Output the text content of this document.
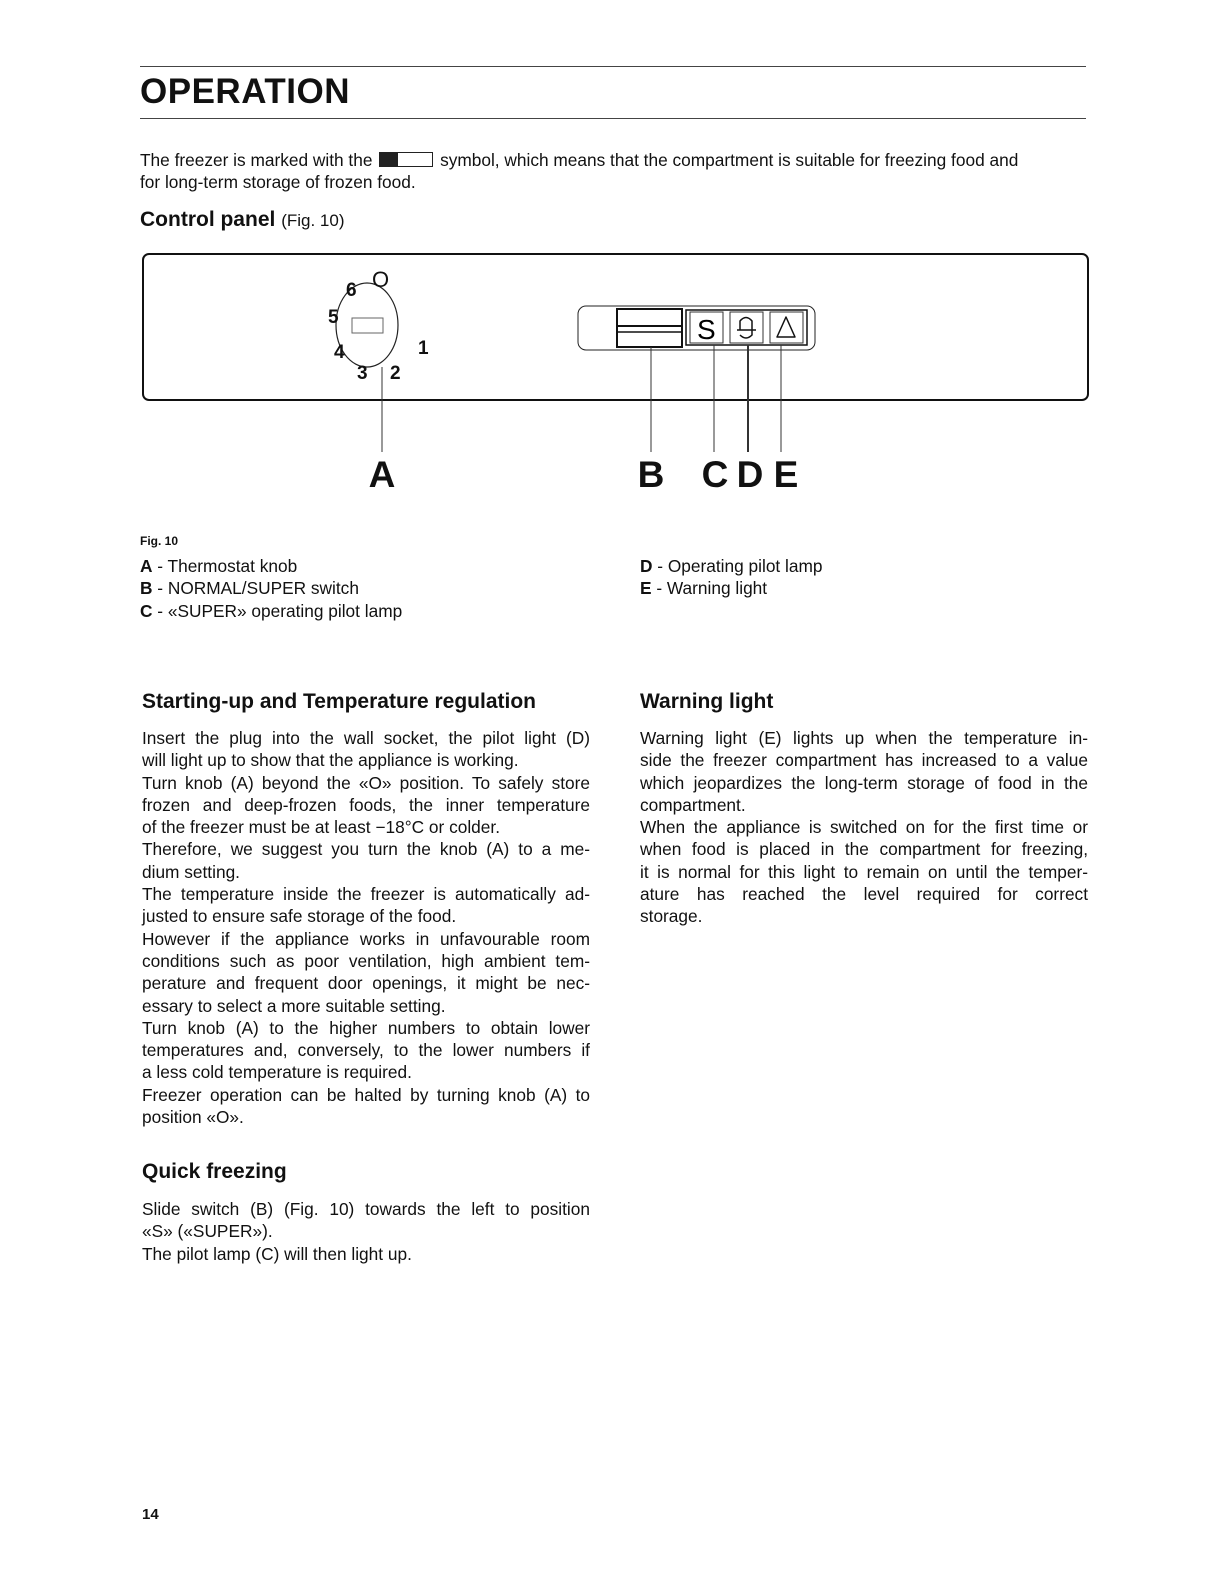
OPERATION
The freezer is marked with the	symbol, which means that the compartment is suitable for freezing food and
for long-term storage of frozen food.
Control panel (Fig. 10)
O
1
2
3
4
5
6
S
A	B C D E
Fig. 10
A - Thermostat knob
B - NORMAL/SUPER switch
C - «SUPER» operating pilot lamp
D - Operating pilot lamp
E - Warning light
Starting-up and Temperature regulation
Insert the plug into the wall socket, the pilot light (D)
will light up to show that the appliance is working.
Turn knob (A) beyond the «O» position. To safely store
frozen and deep-frozen foods, the inner temperature
of the freezer must be at least −18°C or colder.
Therefore, we suggest you turn the knob (A) to a me-
dium setting.
The temperature inside the freezer is automatically ad-
justed to ensure safe storage of the food.
However if the appliance works in unfavourable room
conditions such as poor ventilation, high ambient tem-
perature and frequent door openings, it might be nec-
essary to select a more suitable setting.
Turn knob (A) to the higher numbers to obtain lower
temperatures and, conversely, to the lower numbers if
a less cold temperature is required.
Freezer operation can be halted by turning knob (A) to
position «O».
Quick freezing
Slide switch (B) (Fig. 10) towards the left to position
«S» («SUPER»).
The pilot lamp (C) will then light up.
Warning light
Warning light (E) lights up when the temperature in-
side the freezer compartment has increased to a value
which jeopardizes the long-term storage of food in the
compartment.
When the appliance is switched on for the first time or
when food is placed in the compartment for freezing,
it is normal for this light to remain on until the temper-
ature has reached the level required for correct
storage.
14
